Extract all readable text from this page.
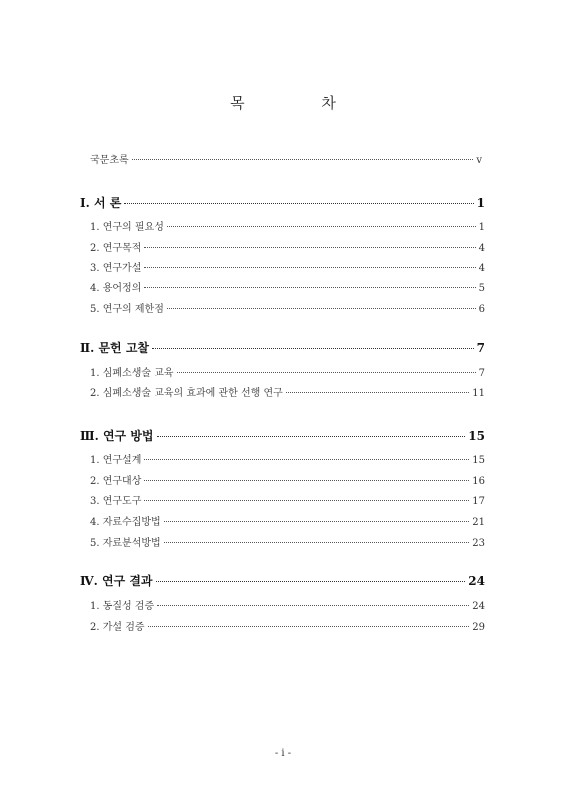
목 차
국문초록	v
Ⅰ. 서 론	1
1. 연구의 필요성	1
2. 연구목적	4
3. 연구가설	4
4. 용어정의	5
5. 연구의 제한점	6
Ⅱ. 문헌 고찰	7
1. 심폐소생술 교육	7
2. 심폐소생술 교육의 효과에 관한 선행 연구	11
Ⅲ. 연구 방법	15
1. 연구설계	15
2. 연구대상	16
3. 연구도구	17
4. 자료수집방법	21
5. 자료분석방법	23
Ⅳ. 연구 결과	24
1. 동질성 검증	24
2. 가설 검증	29
- i -
